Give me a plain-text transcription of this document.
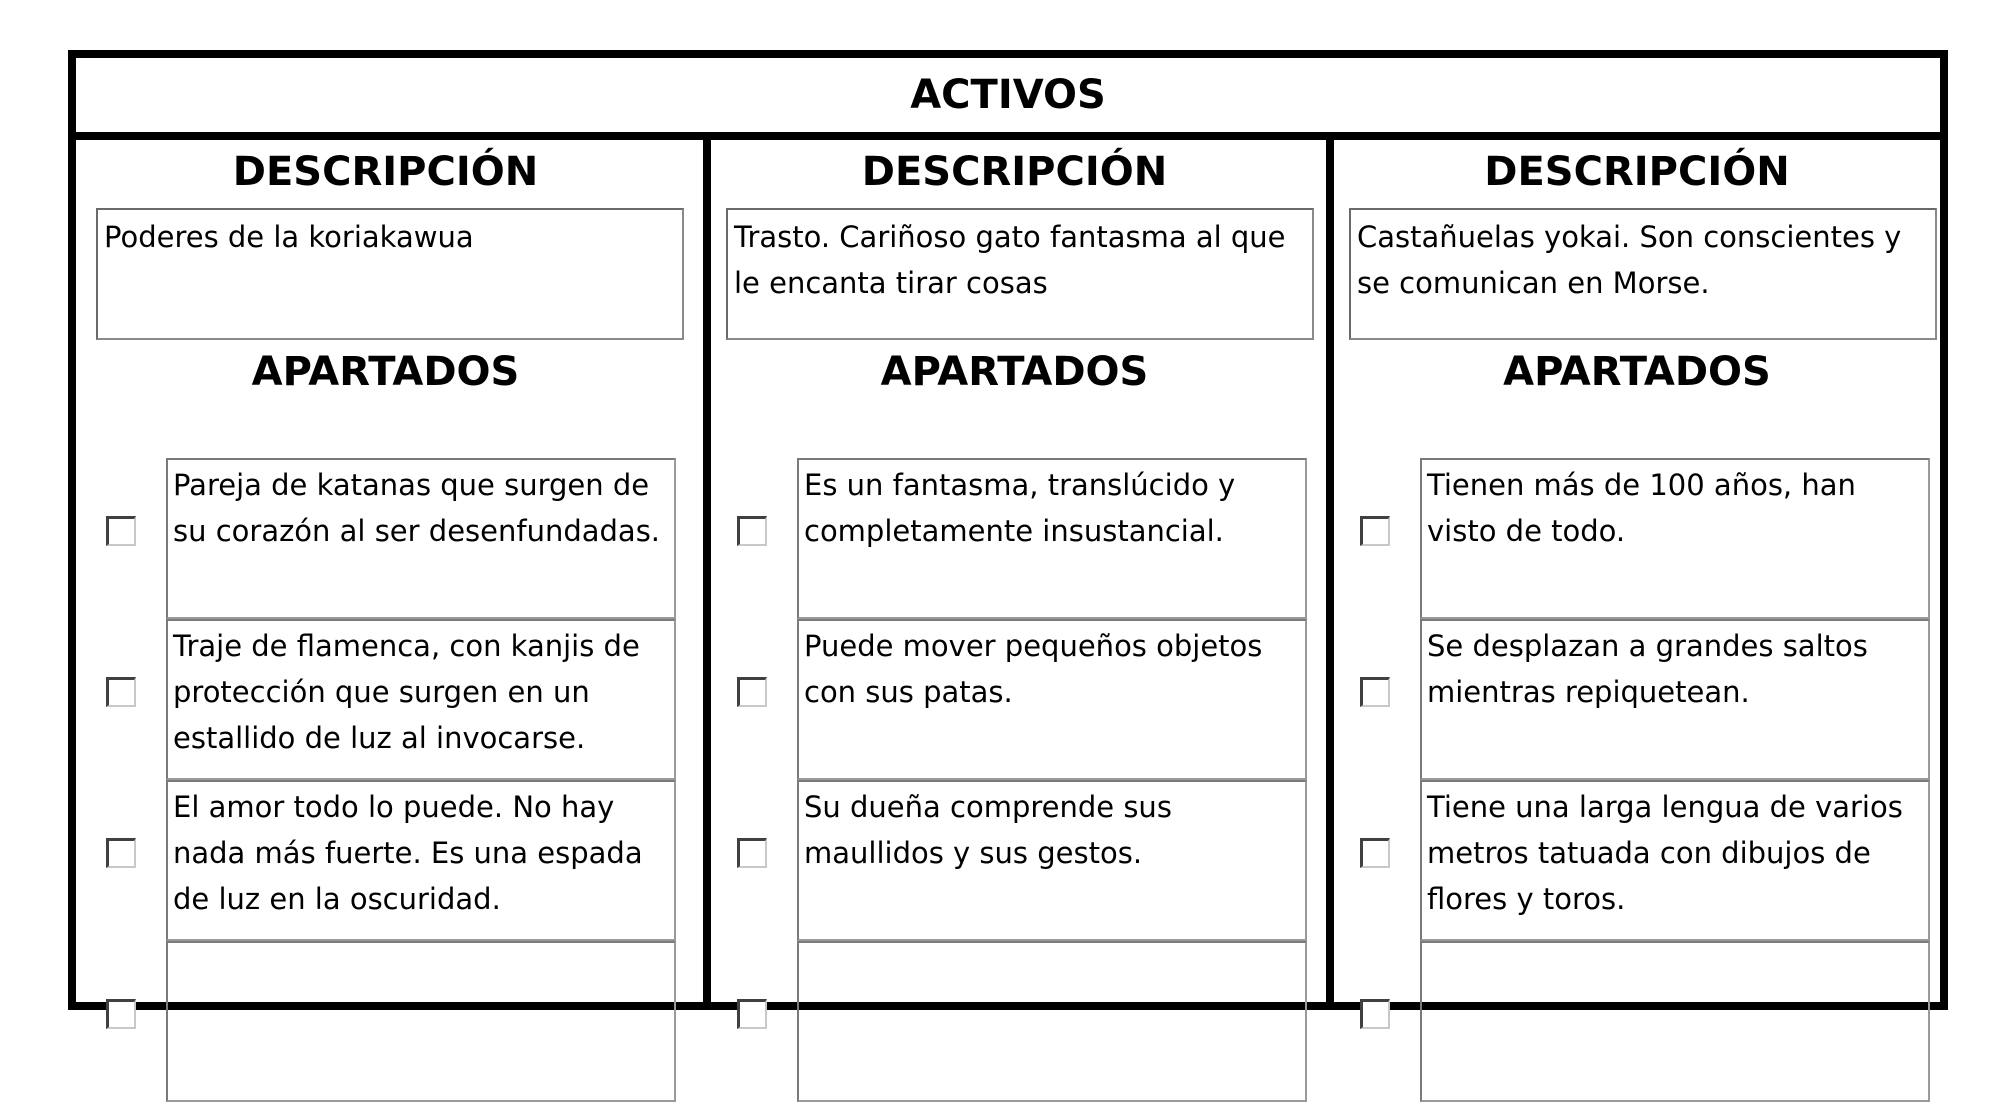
ACTIVOS
DESCRIPCIÓN
Poderes de la koriakawua
APARTADOS
Pareja de katanas que surgen de su corazón al ser desenfundadas.
Traje de flamenca, con kanjis de protección que surgen en un estallido de luz al invocarse.
El amor todo lo puede. No hay nada más fuerte. Es una espada de luz en la oscuridad.
DESCRIPCIÓN
Trasto. Cariñoso gato fantasma al que le encanta tirar cosas
APARTADOS
Es un fantasma, translúcido y completamente insustancial.
Puede mover pequeños objetos con sus patas.
Su dueña comprende sus maullidos y sus gestos.
DESCRIPCIÓN
Castañuelas yokai. Son conscientes y se comunican en Morse.
APARTADOS
Tienen más de 100 años, han visto de todo.
Se desplazan a grandes saltos mientras repiquetean.
Tiene una larga lengua de varios metros tatuada con dibujos de flores y toros.
